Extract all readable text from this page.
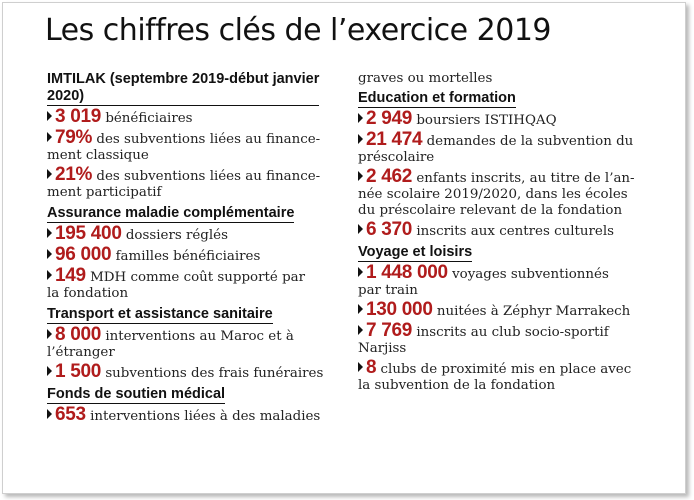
Les chiffres clés de l’exercice 2019
IMTILAK (septembre 2019-début janvier
2020)
3 019 bénéficiaires
79% des subventions liées au finance-
ment classique
21% des subventions liées au finance-
ment participatif
Assurance maladie complémentaire
195 400 dossiers réglés
96 000 familles bénéficiaires
149 MDH comme coût supporté par
la fondation
Transport et assistance sanitaire
8 000 interventions au Maroc et à
l’étranger
1 500 subventions des frais funéraires
Fonds de soutien médical
653 interventions liées à des maladies
graves ou mortelles
Education et formation
2 949 boursiers ISTIHQAQ
21 474 demandes de la subvention du
préscolaire
2 462 enfants inscrits, au titre de l’an-
née scolaire 2019/2020, dans les écoles
du préscolaire relevant de la fondation
6 370 inscrits aux centres culturels
Voyage et loisirs
1 448 000 voyages subventionnés
par train
130 000 nuitées à Zéphyr Marrakech
7 769 inscrits au club socio-sportif
Narjiss
8 clubs de proximité mis en place avec
la subvention de la fondation
